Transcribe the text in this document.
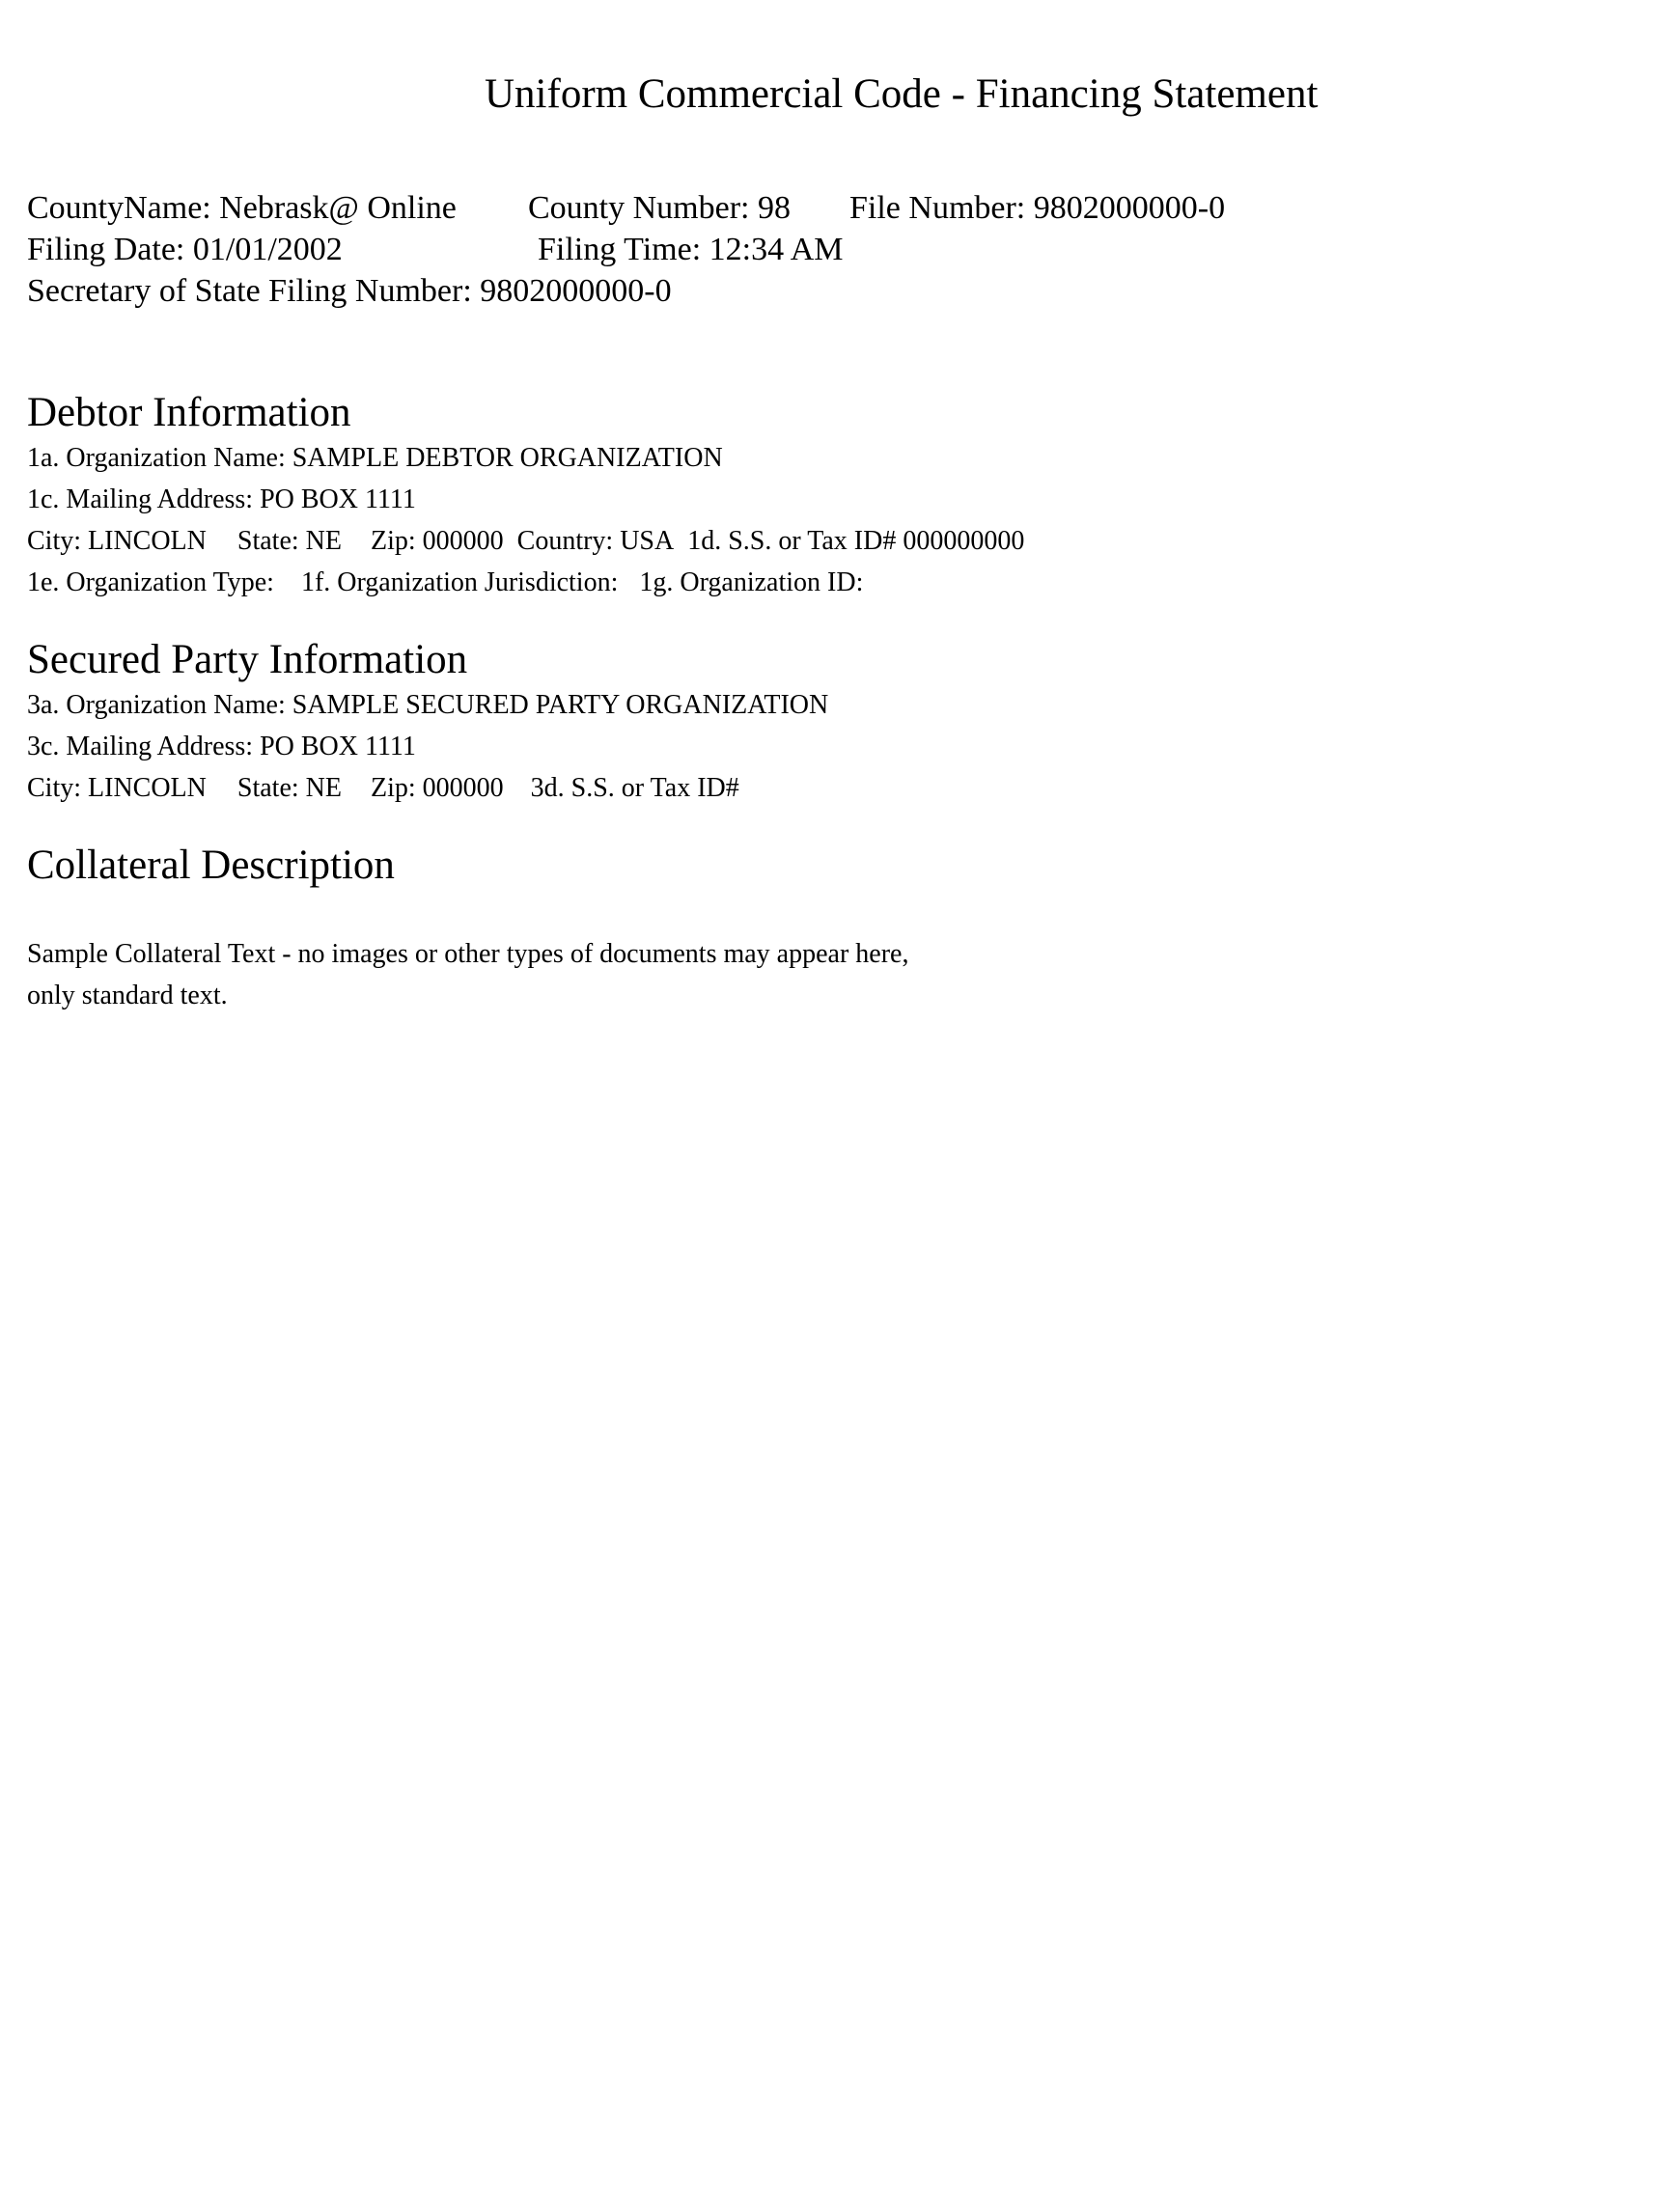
Uniform Commercial Code - Financing Statement
CountyName: Nebrask@ Online County Number: 98 File Number: 9802000000-0
Filing Date: 01/01/2002	Filing Time: 12:34 AM
Secretary of State Filing Number: 9802000000-0
Debtor Information
1a. Organization Name: SAMPLE DEBTOR ORGANIZATION
1c. Mailing Address: PO BOX 1111
City: LINCOLN State: NE Zip: 000000 Country: USA 1d. S.S. or Tax ID# 000000000
1e. Organization Type: 1f. Organization Jurisdiction: 1g. Organization ID:
Secured Party Information
3a. Organization Name: SAMPLE SECURED PARTY ORGANIZATION
3c. Mailing Address: PO BOX 1111
City: LINCOLN State: NE Zip: 000000 3d. S.S. or Tax ID#
Collateral Description
Sample Collateral Text - no images or other types of documents may appear here,
only standard text.
